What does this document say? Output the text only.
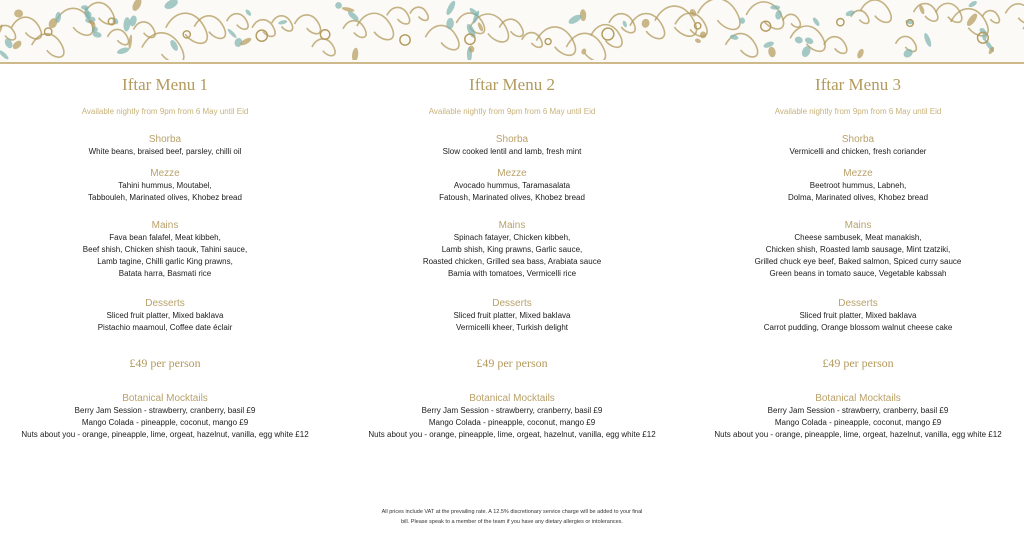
Iftar Menu 1
Available nightly from 9pm from 6 May until Eid
Shorba
White beans, braised beef, parsley, chilli oil
Mezze
Tahini hummus, Moutabel,
Tabbouleh, Marinated olives, Khobez bread
Mains
Fava bean falafel, Meat kibbeh,
Beef shish, Chicken shish taouk, Tahini sauce,
Lamb tagine, Chilli garlic King prawns,
Batata harra, Basmati rice
Desserts
Sliced fruit platter, Mixed baklava
Pistachio maamoul, Coffee date éclair
£49 per person
Botanical Mocktails
Berry Jam Session - strawberry, cranberry, basil £9
Mango Colada - pineapple, coconut, mango £9
Nuts about you - orange, pineapple, lime, orgeat, hazelnut, vanilla, egg white £12
Iftar Menu 2
Available nightly from 9pm from 6 May until Eid
Shorba
Slow cooked lentil and lamb, fresh mint
Mezze
Avocado hummus, Taramasalata
Fatoush, Marinated olives, Khobez bread
Mains
Spinach fatayer, Chicken kibbeh,
Lamb shish, King prawns, Garlic sauce,
Roasted chicken, Grilled sea bass, Arabiata sauce
Bamia with tomatoes, Vermicelli rice
Desserts
Sliced fruit platter, Mixed baklava
Vermicelli kheer, Turkish delight
£49 per person
Botanical Mocktails
Berry Jam Session - strawberry, cranberry, basil £9
Mango Colada - pineapple, coconut, mango £9
Nuts about you - orange, pineapple, lime, orgeat, hazelnut, vanilla, egg white £12
Iftar Menu 3
Available nightly from 9pm from 6 May until Eid
Shorba
Vermicelli and chicken, fresh coriander
Mezze
Beetroot hummus, Labneh,
Dolma, Marinated olives, Khobez bread
Mains
Cheese sambusek, Meat manakish,
Chicken shish, Roasted lamb sausage, Mint tzatziki,
Grilled chuck eye beef, Baked salmon, Spiced curry sauce
Green beans in tomato sauce, Vegetable kabssah
Desserts
Sliced fruit platter, Mixed baklava
Carrot pudding, Orange blossom walnut cheese cake
£49 per person
Botanical Mocktails
Berry Jam Session - strawberry, cranberry, basil £9
Mango Colada - pineapple, coconut, mango £9
Nuts about you - orange, pineapple, lime, orgeat, hazelnut, vanilla, egg white £12
All prices include VAT at the prevailing rate. A 12.5% discretionary service charge will be added to your final
bill. Please speak to a member of the team if you have any dietary allergies or intolerances.
